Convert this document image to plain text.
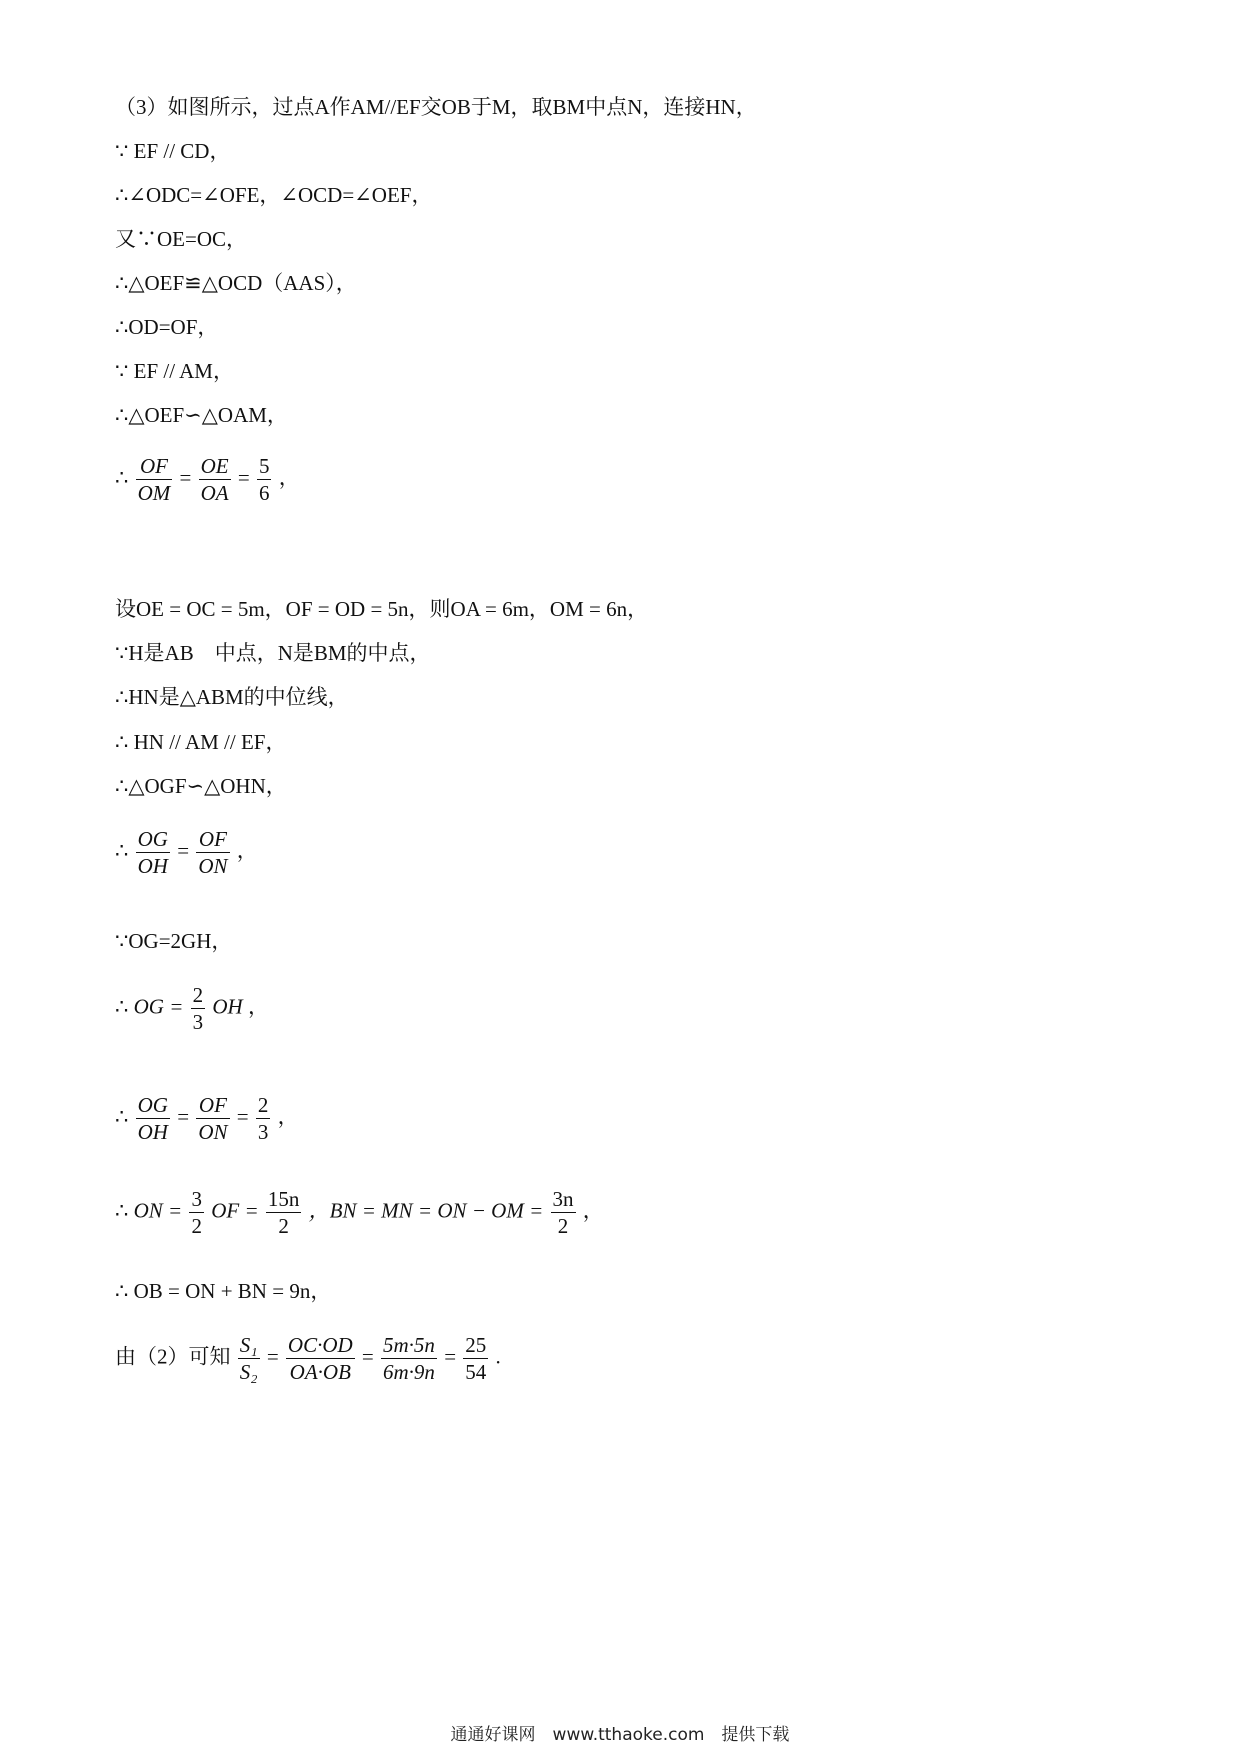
（3）如图所示，过点A作AM//EF交OB于M，取BM中点N，连接HN，
∵ EF // CD，
∴∠ODC=∠OFE，∠OCD=∠OEF，
又∵OE=OC，
∴△OEF≌△OCD（AAS），
∴OD=OF，
∵ EF // AM，
∴△OEF∽△OAM，
∴ $\frac{OF}{OM} = \frac{OE}{OA} = \frac{5}{6}$ ，
设OE = OC = 5m，OF = OD = 5n，则OA = 6m，OM = 6n，
∵H是AB　中点，N是BM的中点，
∴HN是△ABM的中位线，
∴ HN // AM // EF，
∴△OGF∽△OHN，
∴ $\frac{OG}{OH} = \frac{OF}{ON}$ ，
∵OG=2GH，
∴ OG = $\frac{2}{3}$ OH ，
∴ $\frac{OG}{OH} = \frac{OF}{ON} = \frac{2}{3}$ ，
∴ ON = $\frac{3}{2}$ OF = $\frac{15n}{2}$ ，BN = MN = ON − OM = $\frac{3n}{2}$ ，
∴ OB = ON + BN = 9n，
由（2）可知 $\frac{\text{S₁}}{\text{S₂}} = \frac{OC\cdot OD}{OA\cdot OB} = \frac{5m\cdot 5n}{6m\cdot 9n} = \frac{25}{54}$ .
通通好课网　www.tthaoke.com　提供下载
